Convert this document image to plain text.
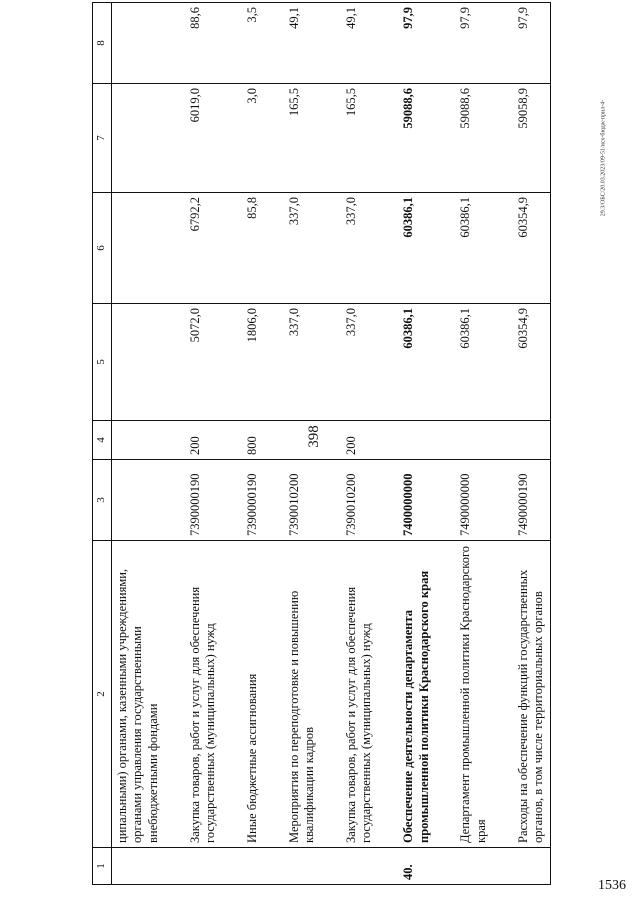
398
29.3/ОБС/20.03.2023/09-51/исх-бюдж-прил-4-
1536
1	2	3	4	5	6	7	8
	ципальными) органами, казенными учреждениями, органами управления государственными внебюджетными фондами						

	Закупка товаров, работ и услуг для обеспечения государственных (муниципальных) нужд	7390000190	200	5072,0	6792,2	6019,0	88,6

	Иные бюджетные ассигнования	7390000190	800	1806,0	85,8	3,0	3,5

	Мероприятия по переподготовке и повышению квалификации кадров	7390010200		337,0	337,0	165,5	49,1

	Закупка товаров, работ и услуг для обеспечения государственных (муниципальных) нужд	7390010200	200	337,0	337,0	165,5	49,1

40.	Обеспечение деятельности департамента промышленной политики Краснодарского края	7400000000		60386,1	60386,1	59088,6	97,9

	Департамент промышленной политики Краснодарского края	7490000000		60386,1	60386,1	59088,6	97,9

	Расходы на обеспечение функций государственных органов, в том числе территориальных органов	7490000190		60354,9	60354,9	59058,9	97,9
